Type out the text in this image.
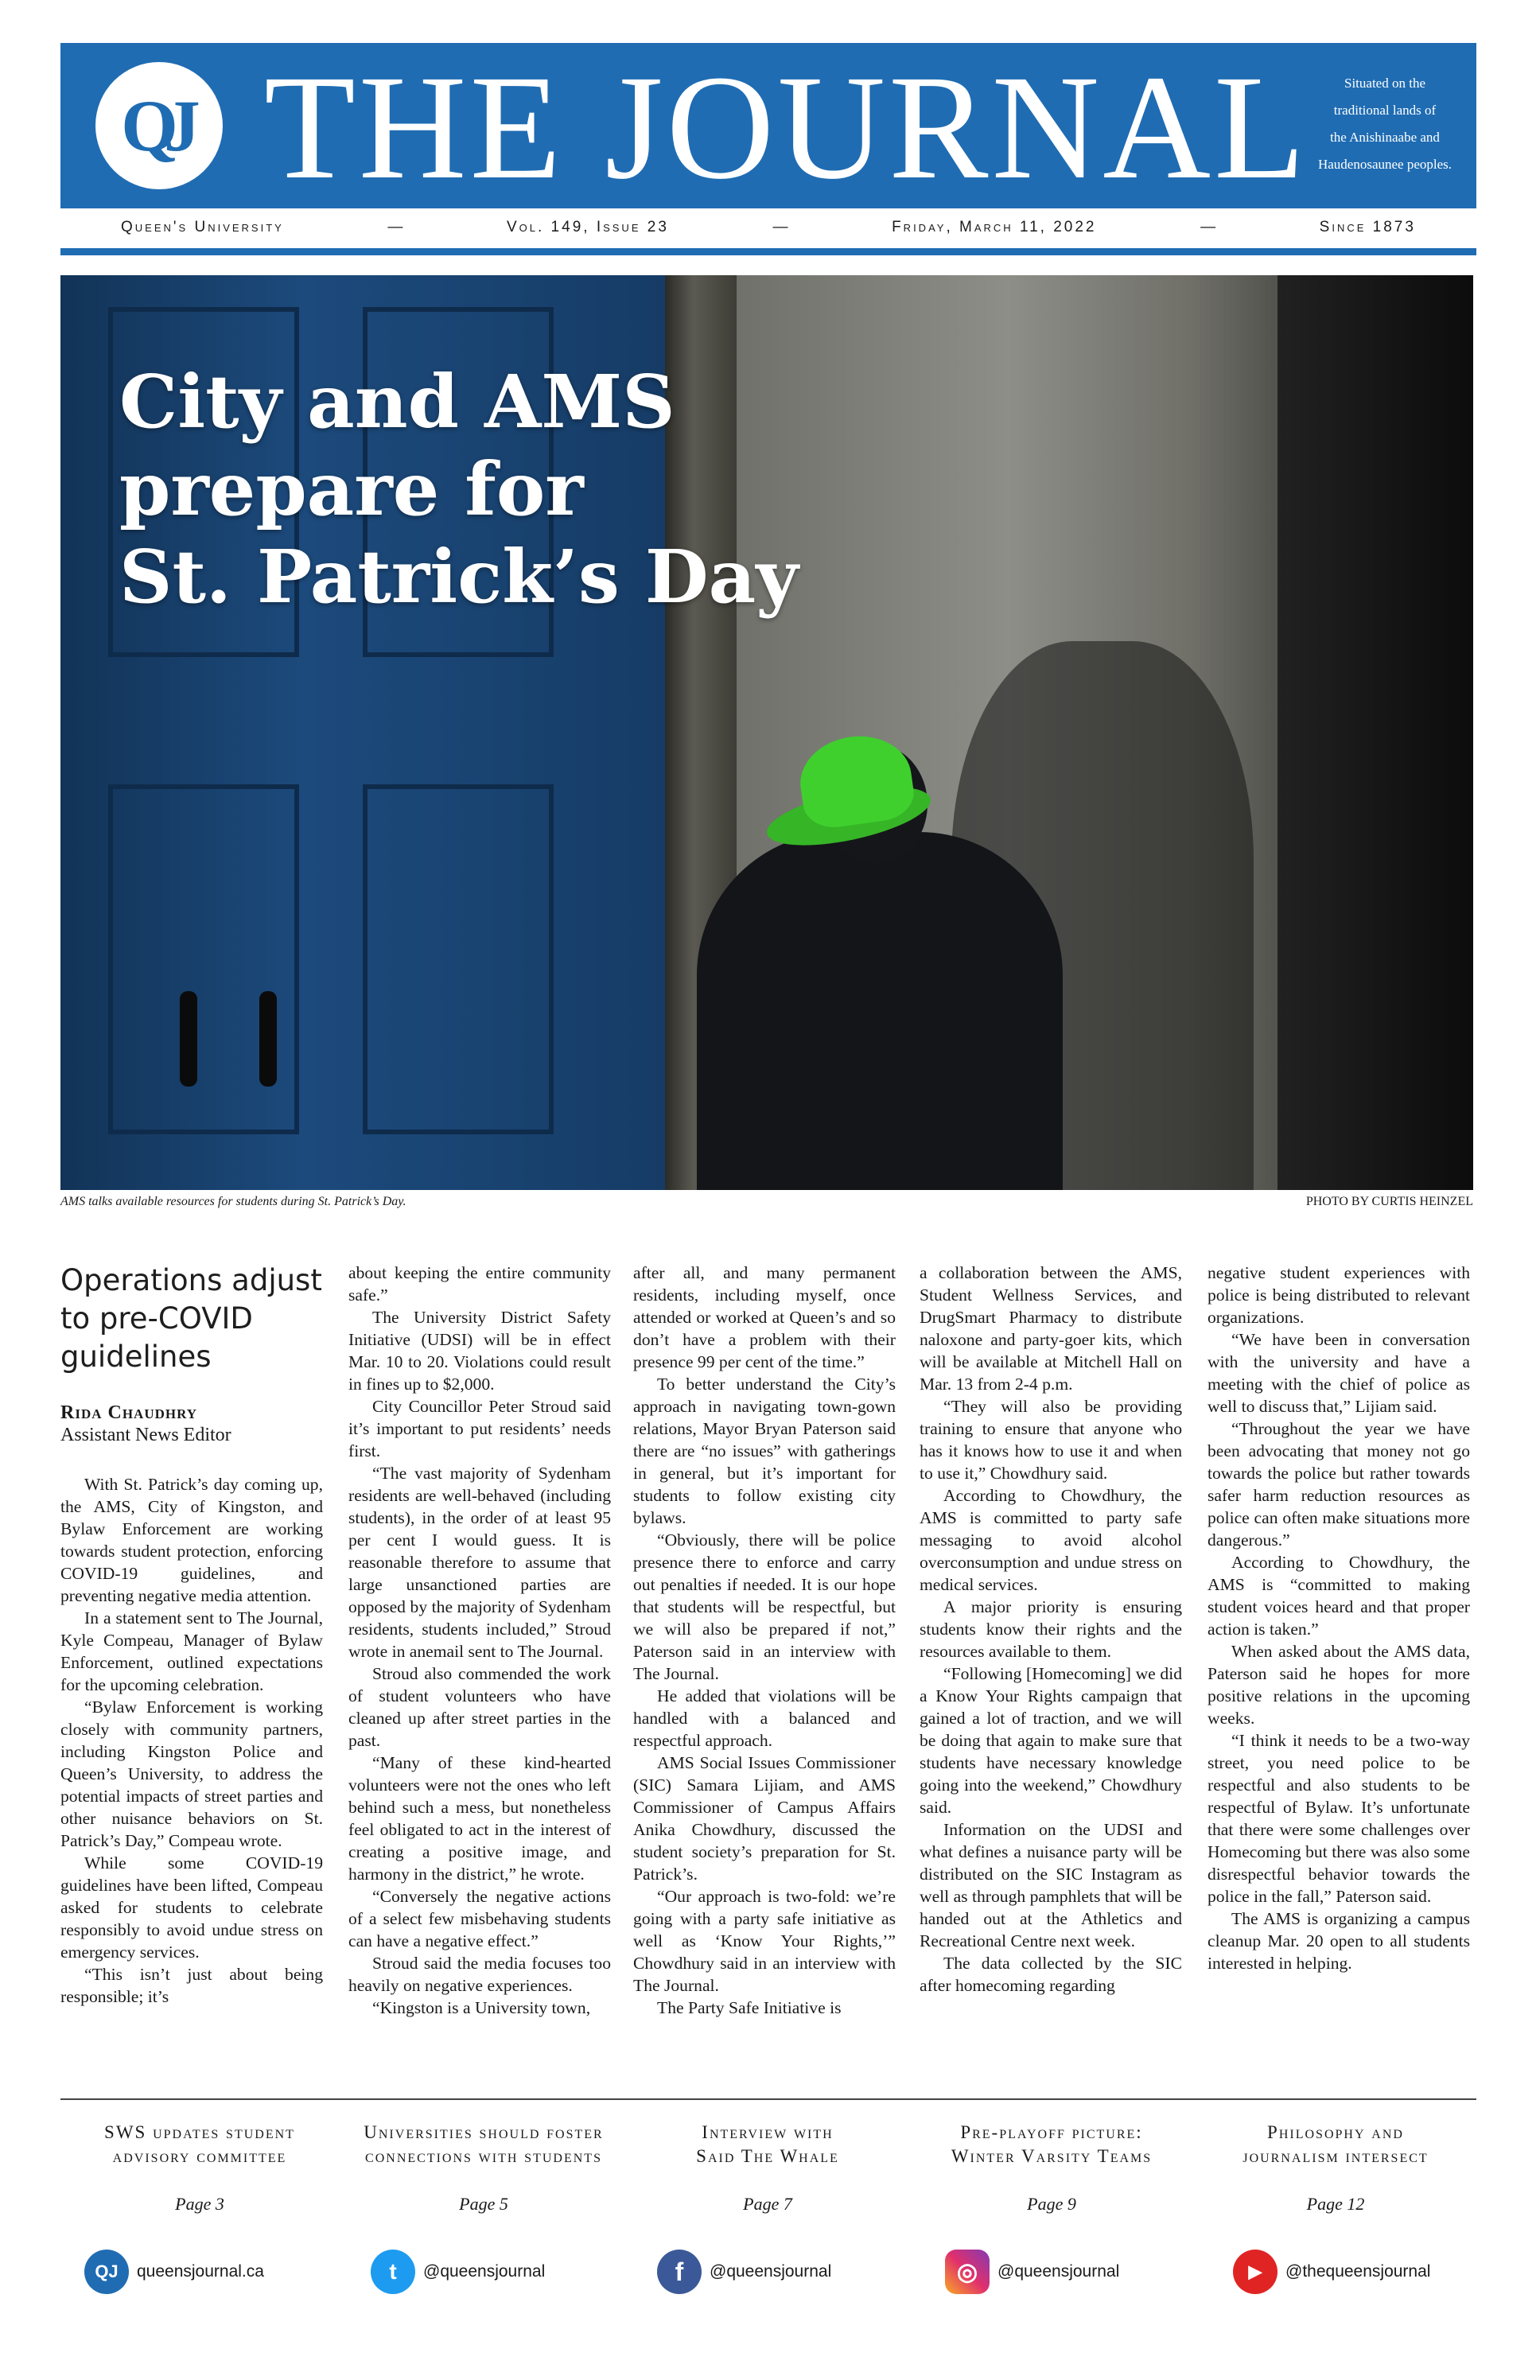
QJ THE JOURNAL	Situated on the
traditional lands of
the Anishinaabe and
Haudenosaunee peoples.
Queen's University	—	Vol. 149, Issue 23	—	Friday, March 11, 2022	—	Since 1873
City and AMS
prepare for
St. Patrick’s Day
AMS talks available resources for students during St. Patrick’s Day.	PHOTO BY CURTIS HEINZEL
Operations adjust to pre-COVID guidelines
Rida Chaudhry
Assistant News Editor

With St. Patrick’s day coming up, the AMS, City of Kingston, and Bylaw Enforcement are working towards student protection, enforcing COVID-19 guidelines, and preventing negative media attention.

In a statement sent to The Journal, Kyle Compeau, Manager of Bylaw Enforcement, outlined expectations for the upcoming celebration.

“Bylaw Enforcement is working closely with community partners, including Kingston Police and Queen’s University, to address the potential impacts of street parties and other nuisance behaviors on St. Patrick’s Day,” Compeau wrote.

While some COVID-19 guidelines have been lifted, Compeau asked for students to celebrate responsibly to avoid undue stress on emergency services.

“This isn’t just about being responsible; it’s

about keeping the entire community safe.”

The University District Safety Initiative (UDSI) will be in effect Mar. 10 to 20. Violations could result in fines up to $2,000.

City Councillor Peter Stroud said it’s important to put residents’ needs first.

“The vast majority of Sydenham residents are well-behaved (including students), in the order of at least 95 per cent I would guess. It is reasonable therefore to assume that large unsanctioned parties are opposed by the majority of Sydenham residents, students included,” Stroud wrote in anemail sent to The Journal.

Stroud also commended the work of student volunteers who have cleaned up after street parties in the past.

“Many of these kind-hearted volunteers were not the ones who left behind such a mess, but nonetheless feel obligated to act in the interest of creating a positive image, and harmony in the district,” he wrote.

“Conversely the negative actions of a select few misbehaving students can have a negative effect.”

Stroud said the media focuses too heavily on negative experiences.

“Kingston is a University town,

after all, and many permanent residents, including myself, once attended or worked at Queen’s and so don’t have a problem with their presence 99 per cent of the time.”

To better understand the City’s approach in navigating town-gown relations, Mayor Bryan Paterson said there are “no issues” with gatherings in general, but it’s important for students to follow existing city bylaws.

“Obviously, there will be police presence there to enforce and carry out penalties if needed. It is our hope that students will be respectful, but we will also be prepared if not,” Paterson said in an interview with The Journal.

He added that violations will be handled with a balanced and respectful approach.

AMS Social Issues Commissioner (SIC) Samara Lijiam, and AMS Commissioner of Campus Affairs Anika Chowdhury, discussed the student society’s preparation for St. Patrick’s.

“Our approach is two-fold: we’re going with a party safe initiative as well as ‘Know Your Rights,’” Chowdhury said in an interview with The Journal.

The Party Safe Initiative is

a collaboration between the AMS, Student Wellness Services, and DrugSmart Pharmacy to distribute naloxone and party-goer kits, which will be available at Mitchell Hall on Mar. 13 from 2-4 p.m.

“They will also be providing training to ensure that anyone who has it knows how to use it and when to use it,” Chowdhury said.

According to Chowdhury, the AMS is committed to party safe messaging to avoid alcohol overconsumption and undue stress on medical services.

A major priority is ensuring students know their rights and the resources available to them.

“Following [Homecoming] we did a Know Your Rights campaign that gained a lot of traction, and we will be doing that again to make sure that students have necessary knowledge going into the weekend,” Chowdhury said.

Information on the UDSI and what defines a nuisance party will be distributed on the SIC Instagram as well as through pamphlets that will be handed out at the Athletics and Recreational Centre next week.

The data collected by the SIC after homecoming regarding

negative student experiences with police is being distributed to relevant organizations.

“We have been in conversation with the university and have a meeting with the chief of police as well to discuss that,” Lijiam said.

“Throughout the year we have been advocating that money not go towards the police but rather towards safer harm reduction resources as police can often make situations more dangerous.”

According to Chowdhury, the AMS is “committed to making student voices heard and that proper action is taken.”

When asked about the AMS data, Paterson said he hopes for more positive relations in the upcoming weeks.

“I think it needs to be a two-way street, you need police to be respectful and also students to be respectful of Bylaw. It’s unfortunate that there were some challenges over Homecoming but there was also some disrespectful behavior towards the police in the fall,” Paterson said.

The AMS is organizing a campus cleanup Mar. 20 open to all students interested in helping.

SWS updates student
advisory committee
Page 3
Universities should foster
connections with students
Page 5
Interview with
Said The Whale
Page 7
Pre-playoff picture:
Winter Varsity Teams
Page 9
Philosophy and
journalism intersect
Page 12
QJ	queensjournal.ca	t	@queensjournal	f	@queensjournal	◎	@queensjournal	▶	@thequeensjournal
